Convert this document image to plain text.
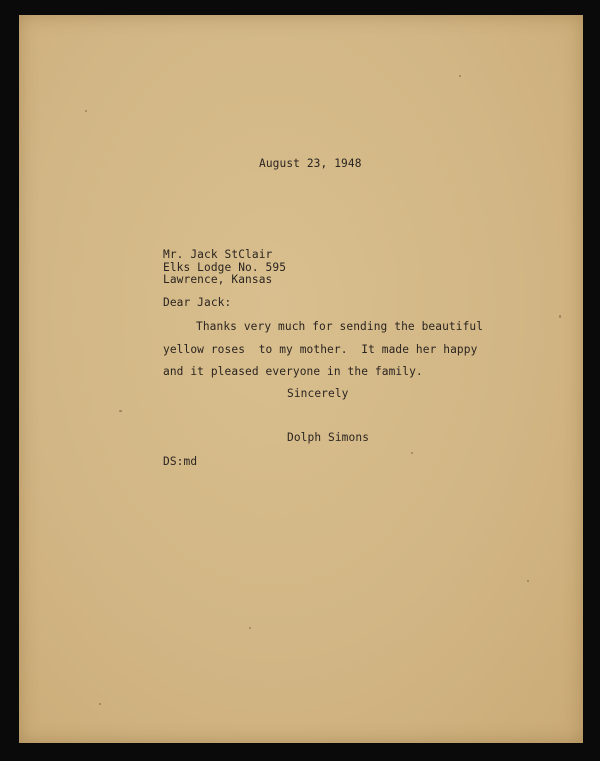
August 23, 1948
Mr. Jack StClair
Elks Lodge No. 595
Lawrence, Kansas
Dear Jack:
Thanks very much for sending the beautiful
yellow roses  to my mother.  It made her happy
and it pleased everyone in the family.
Sincerely
Dolph Simons
DS:md
